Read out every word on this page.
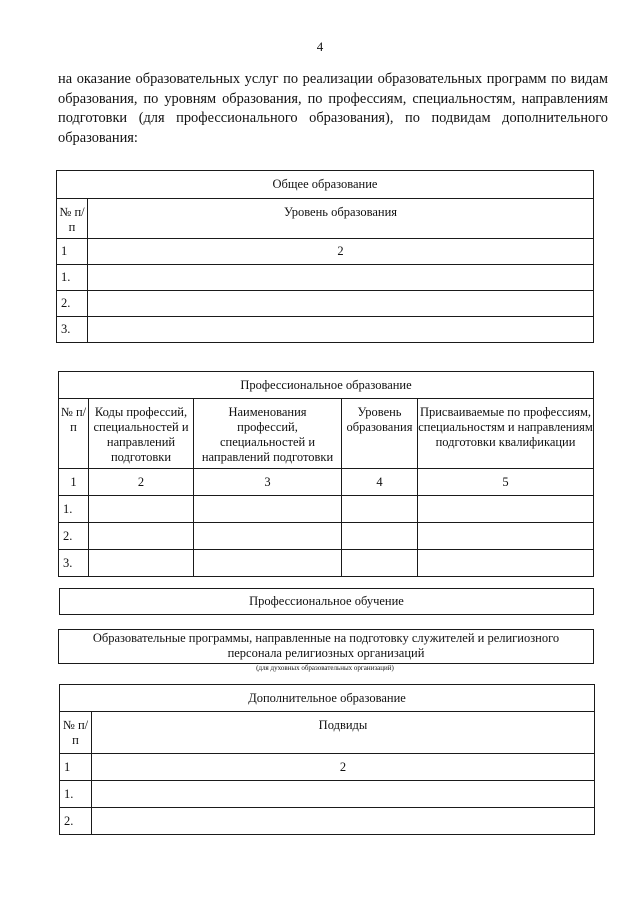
4
на оказание образовательных услуг по реализации образовательных программ по видам образования, по уровням образования, по профессиям, специальностям, направлениям подготовки (для профессионального образования), по подвидам дополнительного образования:
Общее образование	
№ п/п	Уровень образования
1	2
1.	
2.	
3.	
Профессиональное образование				
№ п/п	Коды профессий, специальностей и направлений подготовки	Наименования профессий, специальностей и направлений подготовки	Уровень образования	Присваиваемые по профессиям, специальностям и направлениям подготовки квалификации
1	2	3	4	5
1.				
2.				
3.				
Профессиональное обучение
Образовательные программы, направленные на подготовку служителей и религиозного персонала религиозных организаций
(для духовных образовательных организаций)
Дополнительное образование	
№ п/п	Подвиды
1	2
1.	
2.	
